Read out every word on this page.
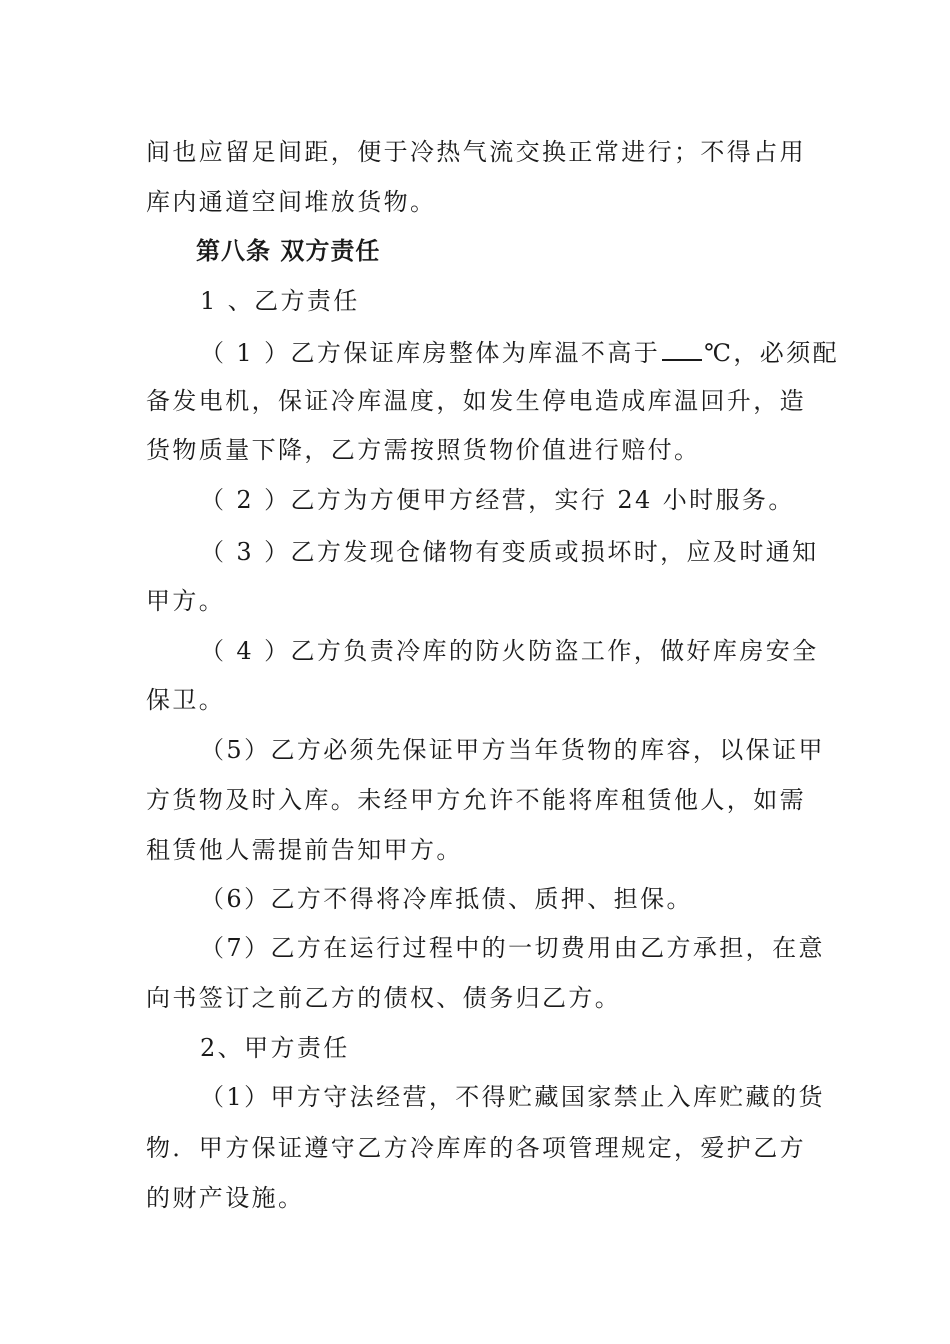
间也应留足间距，便于冷热气流交换正常进行；不得占用
库内通道空间堆放货物。
第八条 双方责任
1 、乙方责任
（ 1 ）乙方保证库房整体为库温不高于 ℃，必须配
备发电机，保证冷库温度，如发生停电造成库温回升，造
货物质量下降，乙方需按照货物价值进行赔付。
（ 2 ）乙方为方便甲方经营，实行 24 小时服务。
（ 3 ）乙方发现仓储物有变质或损坏时，应及时通知
甲方。
（ 4 ）乙方负责冷库的防火防盗工作，做好库房安全
保卫。
（5）乙方必须先保证甲方当年货物的库容，以保证甲
方货物及时入库。未经甲方允许不能将库租赁他人，如需
租赁他人需提前告知甲方。
（6）乙方不得将冷库抵债、质押、担保。
（7）乙方在运行过程中的一切费用由乙方承担，在意
向书签订之前乙方的债权、债务归乙方。
2、甲方责任
（1）甲方守法经营，不得贮藏国家禁止入库贮藏的货
物．甲方保证遵守乙方冷库库的各项管理规定，爱护乙方
的财产设施。
